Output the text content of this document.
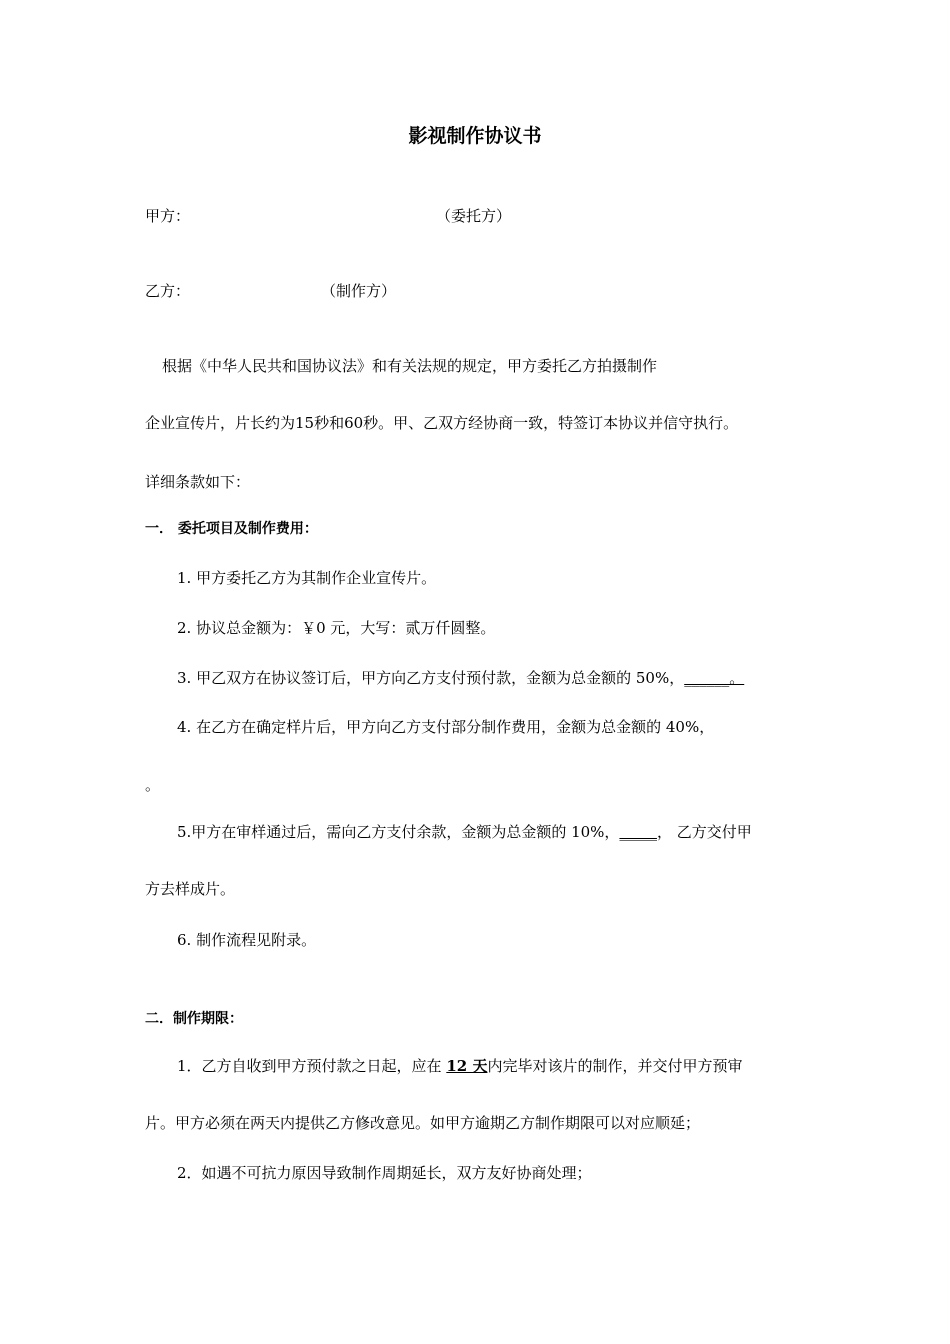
影视制作协议书
甲方：	（委托方）
乙方：	（制作方）
根据《中华人民共和国协议法》和有关法规的规定，甲方委托乙方拍摄制作
企业宣传片，片长约为15秒和60秒。甲、乙双方经协商一致，特签订本协议并信守执行。
详细条款如下：
一． 委托项目及制作费用：
1. 甲方委托乙方为其制作企业宣传片。
2. 协议总金额为：￥0 元，大写：贰万仟圆整。
3. 甲乙双方在协议签订后，甲方向乙方支付预付款，金额为总金额的 50%，______。
4. 在乙方在确定样片后，甲方向乙方支付部分制作费用，金额为总金额的 40%，
。
5.甲方在审样通过后，需向乙方支付余款，金额为总金额的 10%，_____， 乙方交付甲
方去样成片。
6. 制作流程见附录。
二．制作期限：
1．乙方自收到甲方预付款之日起，应在 12 天内完毕对该片的制作，并交付甲方预审
片。甲方必须在两天内提供乙方修改意见。如甲方逾期乙方制作期限可以对应顺延；
2．如遇不可抗力原因导致制作周期延长，双方友好协商处理；
